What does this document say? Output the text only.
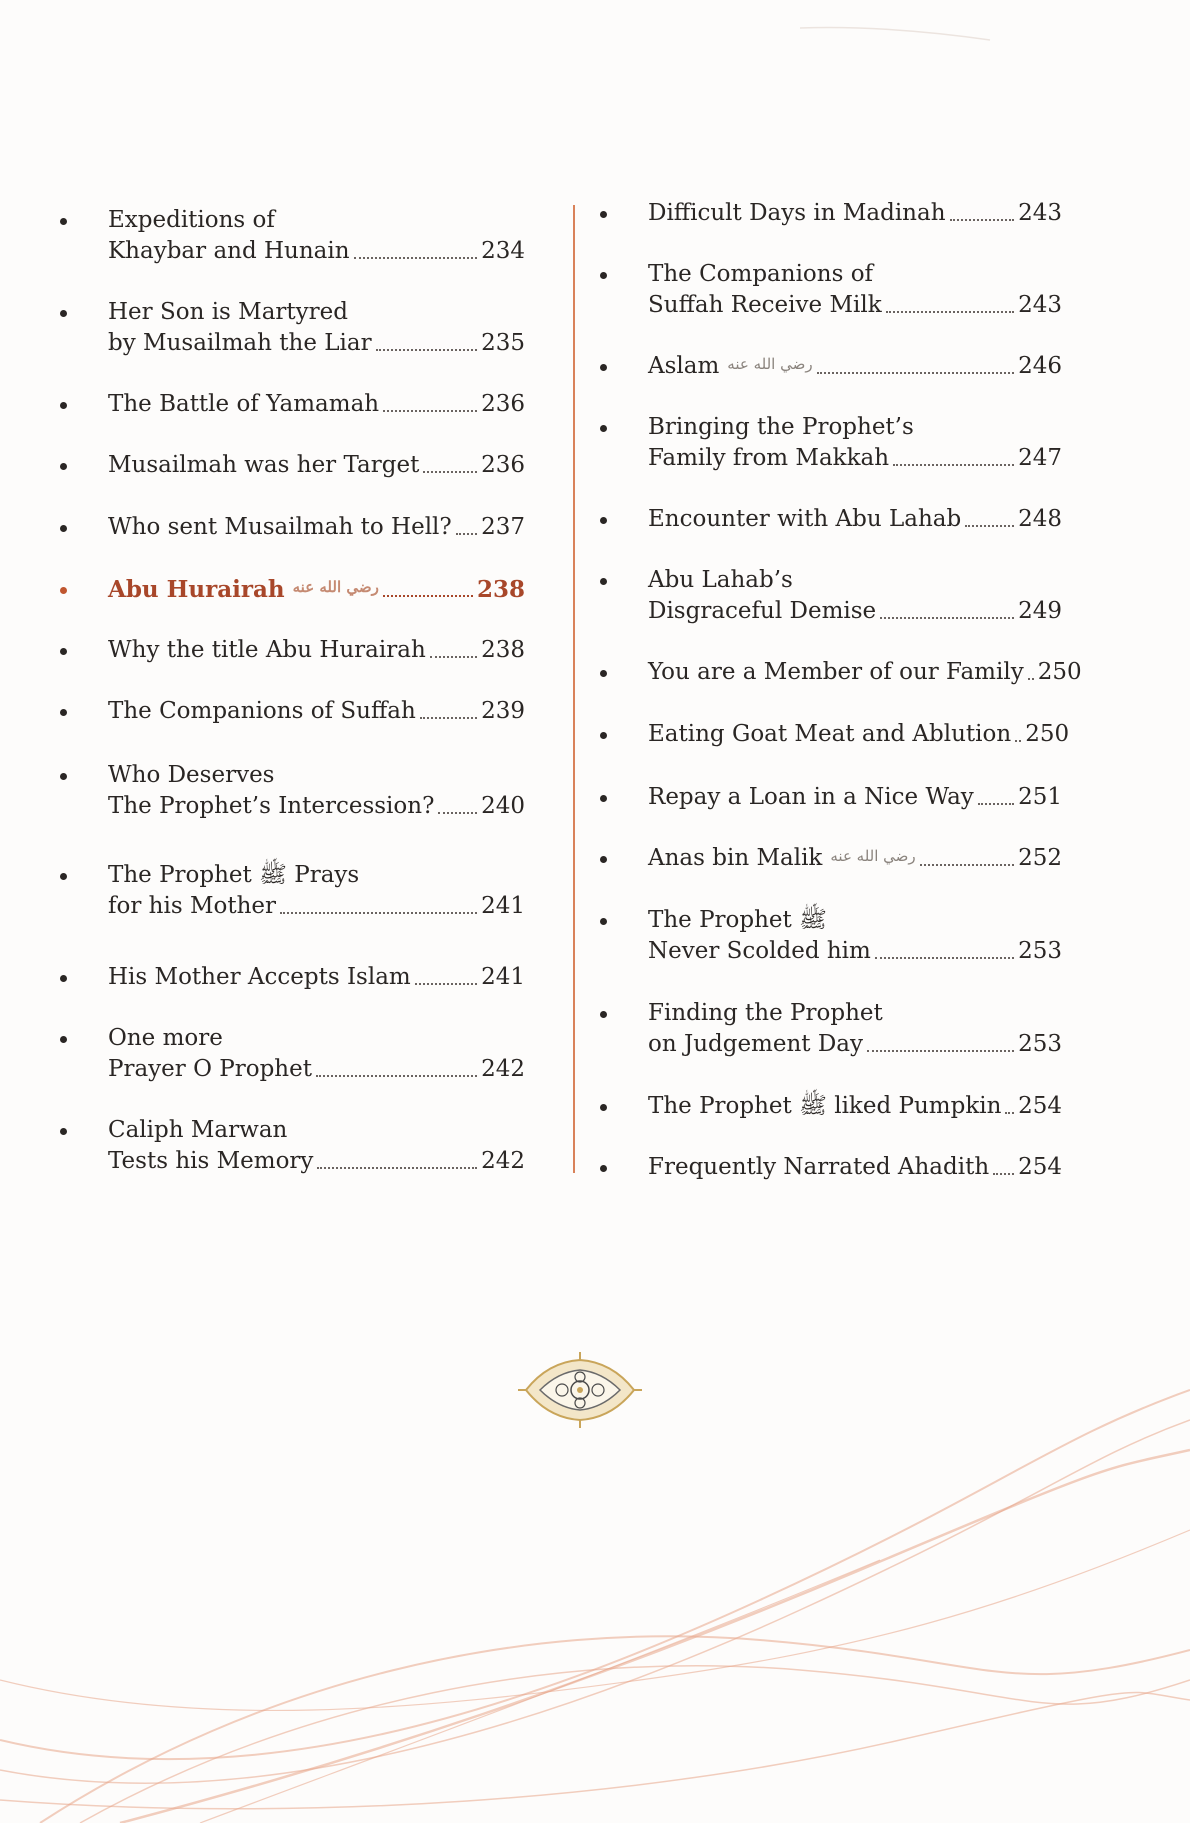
Expeditions of
Khaybar and Hunain	234
Her Son is Martyred
by Musailmah the Liar	235
The Battle of Yamamah	236
Musailmah was her Target	236
Who sent Musailmah to Hell? 237
Abu Hurairah رضي الله عنه	238
Why the title Abu Hurairah 238
The Companions of Suffah	239
Who Deserves
The Prophet’s Intercession? 240
The Prophet ﷺ Prays
for his Mother	241
His Mother Accepts Islam	241
One more
Prayer O Prophet	242
Caliph Marwan
Tests his Memory	242
Difficult Days in Madinah	243
The Companions of
Suffah Receive Milk	243
Aslam رضي الله عنه	246
Bringing the Prophet’s
Family from Makkah	247
Encounter with Abu Lahab 248
Abu Lahab’s
Disgraceful Demise	249
You are a Member of our Family 250
Eating Goat Meat and Ablution 250
Repay a Loan in a Nice Way 251
Anas bin Malik رضي الله عنه	252
The Prophet ﷺ
Never Scolded him	253
Finding the Prophet
on Judgement Day	253
The Prophet ﷺ liked Pumpkin 254
Frequently Narrated Ahadith 254
